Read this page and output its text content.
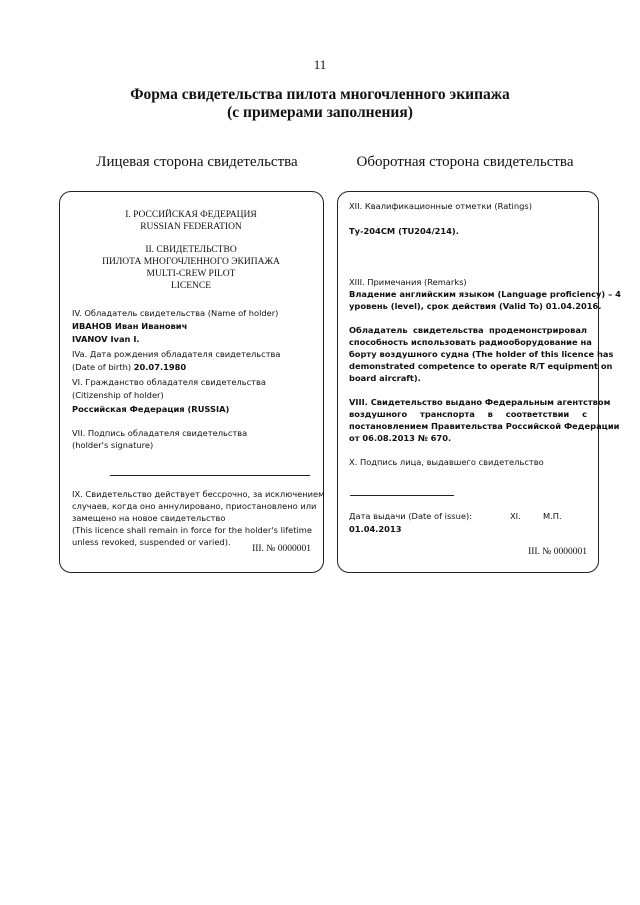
11
Форма свидетельства пилота многочленного экипажа
(с примерами заполнения)
Лицевая сторона свидетельства	Оборотная сторона свидетельства
I. РОССИЙСКАЯ ФЕДЕРАЦИЯ
RUSSIAN FEDERATION
II. СВИДЕТЕЛЬСТВО
ПИЛОТА МНОГОЧЛЕННОГО ЭКИПАЖА
MULTI-CREW PILOT
LICENCE
IV. Обладатель свидетельства (Name of holder)
ИВАНОВ Иван Иванович
IVANOV Ivan I.
IVa. Дата рождения обладателя свидетельства
(Date of birth) 20.07.1980
VI. Гражданство обладателя свидетельства
(Citizenship of holder)
Российская Федерация (RUSSIA)
VII. Подпись обладателя свидетельства
(holder's signature)
IX. Свидетельство действует бессрочно, за исключением
случаев, когда оно аннулировано, приостановлено или
замещено на новое свидетельство
(This licence shall remain in force for the holder's lifetime
unless revoked, suspended or varied).
III. № 0000001
XII. Квалификационные отметки (Ratings)
Ту-204СМ (TU204/214).
XIII. Примечания (Remarks)
Владение английским языком (Language proficiency) – 4
уровень (level), срок действия (Valid To) 01.04.2016.
Обладатель свидетельства продемонстрировал
способность использовать радиооборудование на
борту воздушного судна (The holder of this licence has
demonstrated competence to operate R/T equipment on
board aircraft).
VIII. Свидетельство выдано Федеральным агентством
воздушного транспорта в соответствии с
постановлением Правительства Российской Федерации
от 06.08.2013 № 670.
X. Подпись лица, выдавшего свидетельство
Дата выдачи (Date of issue):	XI.	М.П.
01.04.2013
III. № 0000001
